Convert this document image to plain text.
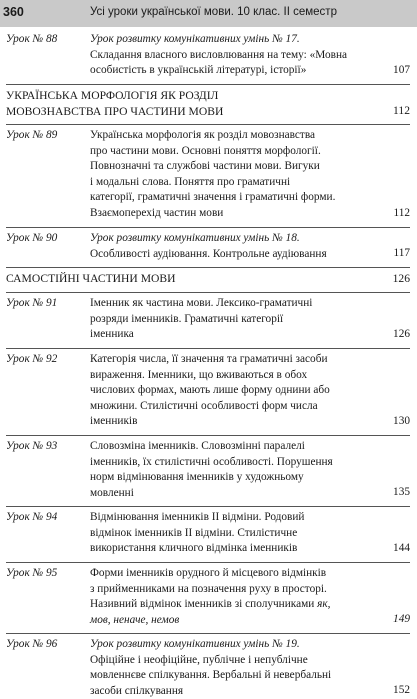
360	Усі уроки української мови. 10 клас. ІІ семестр
Урок № 88	Урок розвитку комунікативних умінь № 17.
Складання власного висловлювання на тему: «Мовна
особистість в українській літературі, історії»	107
УКРАЇНСЬКА МОРФОЛОГІЯ ЯК РОЗДІЛ
МОВОЗНАВСТВА ПРО ЧАСТИНИ МОВИ	112
Урок № 89	Українська морфологія як розділ мовознавства
про частини мови. Основні поняття морфології.
Повнозначні та службові частини мови. Вигуки
і модальні слова. Поняття про граматичні
категорії, граматичні значення і граматичні форми.
Взаємоперехід частин мови	112
Урок № 90	Урок розвитку комунікативних умінь № 18.
Особливості аудіювання. Контрольне аудіювання	117
САМОСТІЙНІ ЧАСТИНИ МОВИ	126
Урок № 91	Іменник як частина мови. Лексико-граматичні
розряди іменників. Граматичні категорії
іменника	126
Урок № 92	Категорія числа, її значення та граматичні засоби
вираження. Іменники, що вживаються в обох
числових формах, мають лише форму однини або
множини. Стилістичні особливості форм числа
іменників	130
Урок № 93	Словозміна іменників. Словозмінні паралелі
іменників, їх стилістичні особливості. Порушення
норм відмінювання іменників у художньому
мовленні	135
Урок № 94	Відмінювання іменників ІІ відміни. Родовий
відмінок іменників ІІ відміни. Стилістичне
використання кличного відмінка іменників	144
Урок № 95	Форми іменників орудного й місцевого відмінків
з прийменниками на позначення руху в просторі.
Називний відмінок іменників зі сполучниками як,
мов, неначе, немов	149
Урок № 96	Урок розвитку комунікативних умінь № 19.
Офіційне і неофіційне, публічне і непублічне
мовленнєве спілкування. Вербальні й невербальні
засоби спілкування	152
